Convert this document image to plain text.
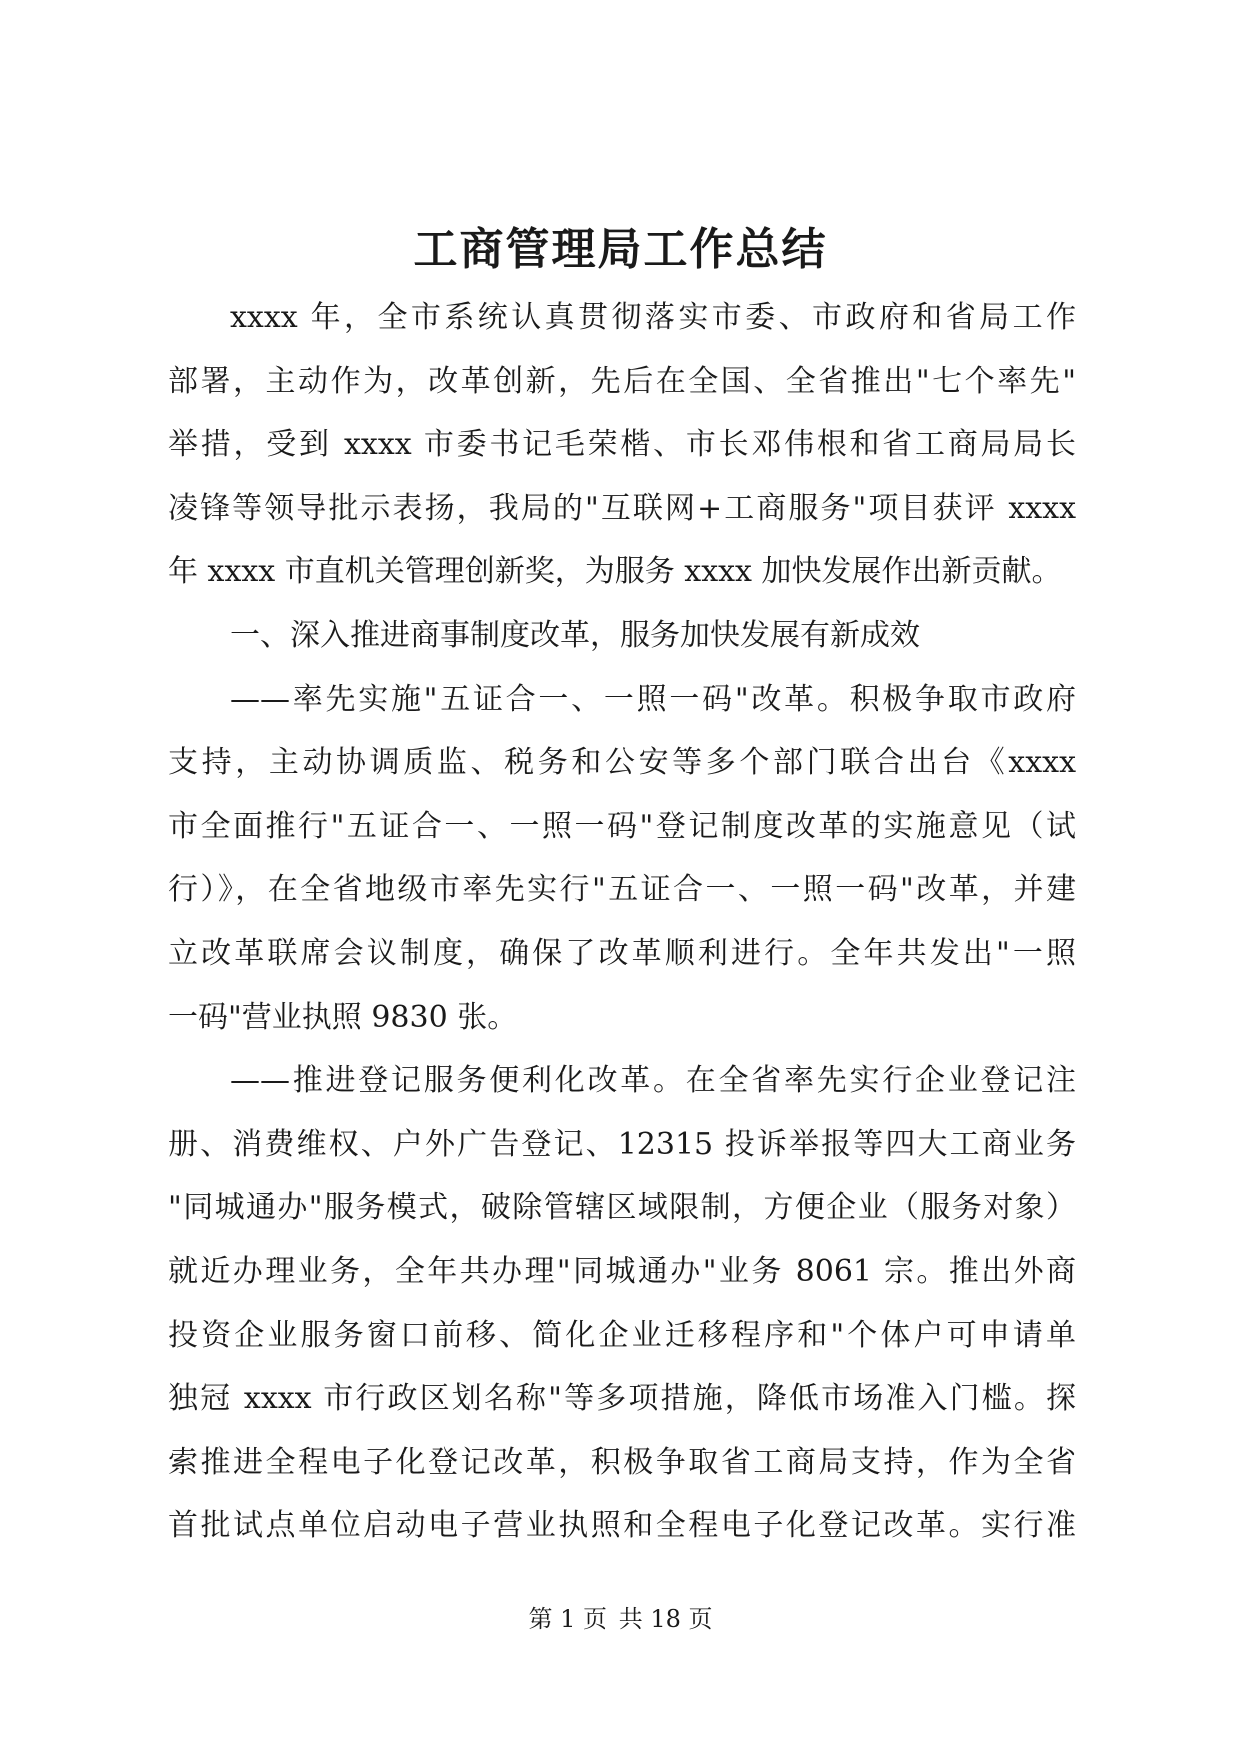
工商管理局工作总结
xxxx 年，全市系统认真贯彻落实市委、市政府和省局工作
部署，主动作为，改革创新，先后在全国、全省推出"七个率先"
举措，受到 xxxx 市委书记毛荣楷、市长邓伟根和省工商局局长
凌锋等领导批示表扬，我局的"互联网+工商服务"项目获评 xxxx
年 xxxx 市直机关管理创新奖，为服务 xxxx 加快发展作出新贡献。
一、深入推进商事制度改革，服务加快发展有新成效
——率先实施"五证合一、一照一码"改革。积极争取市政府
支持，主动协调质监、税务和公安等多个部门联合出台《xxxx
市全面推行"五证合一、一照一码"登记制度改革的实施意见（试
行）》，在全省地级市率先实行"五证合一、一照一码"改革，并建
立改革联席会议制度，确保了改革顺利进行。全年共发出"一照
一码"营业执照 9830 张。
——推进登记服务便利化改革。在全省率先实行企业登记注
册、消费维权、户外广告登记、12315 投诉举报等四大工商业务
"同城通办"服务模式，破除管辖区域限制，方便企业（服务对象）
就近办理业务，全年共办理"同城通办"业务 8061 宗。推出外商
投资企业服务窗口前移、简化企业迁移程序和"个体户可申请单
独冠 xxxx 市行政区划名称"等多项措施，降低市场准入门槛。探
索推进全程电子化登记改革，积极争取省工商局支持，作为全省
首批试点单位启动电子营业执照和全程电子化登记改革。实行准
第 1 页 共 18 页
